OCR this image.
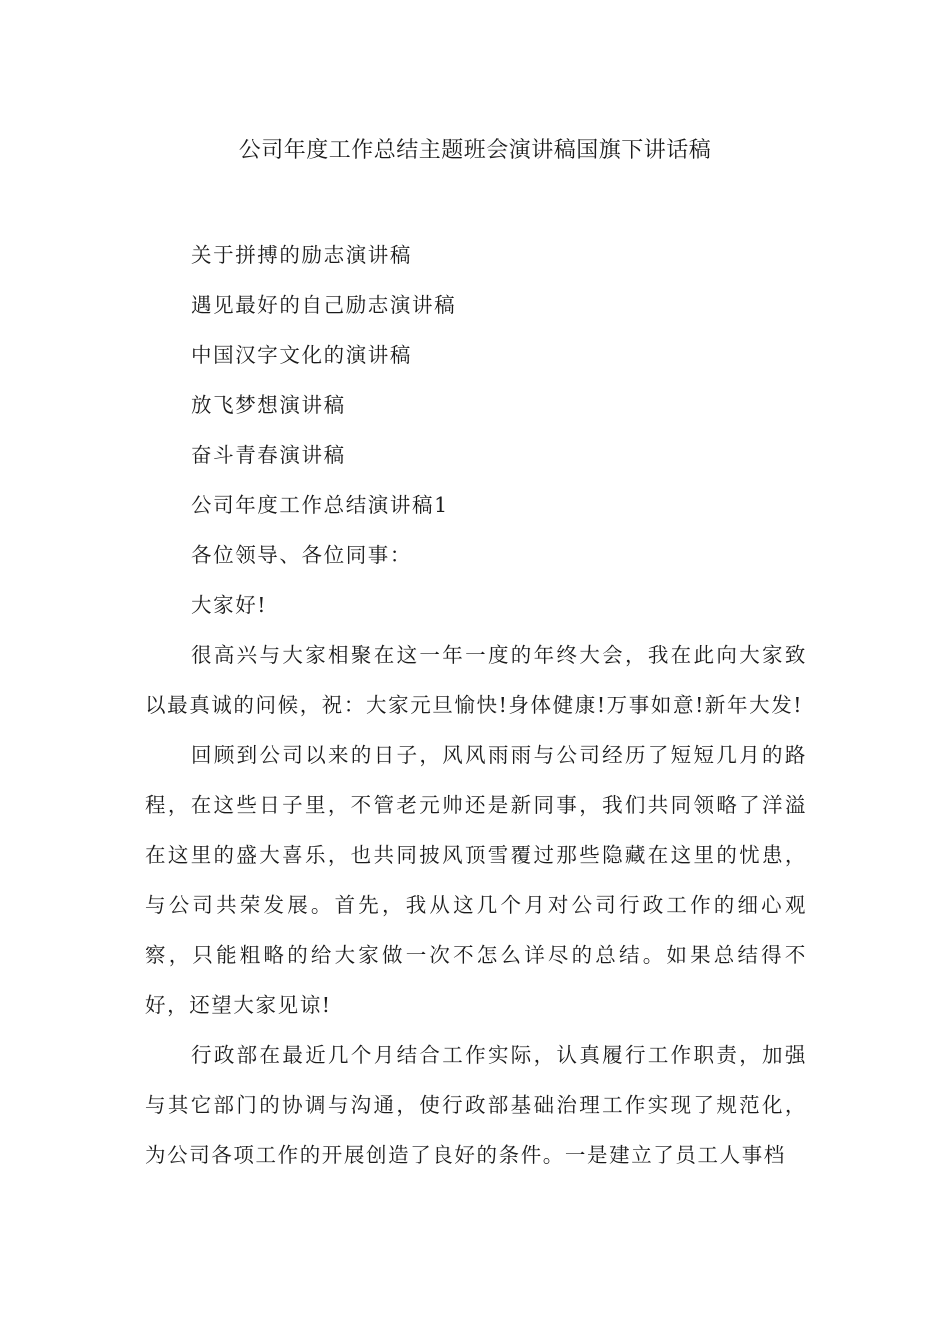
公司年度工作总结主题班会演讲稿国旗下讲话稿

关于拼搏的励志演讲稿

遇见最好的自己励志演讲稿

中国汉字文化的演讲稿

放飞梦想演讲稿

奋斗青春演讲稿

公司年度工作总结演讲稿1

各位领导、各位同事：

大家好!

很高兴与大家相聚在这一年一度的年终大会，我在此向大家致以最真诚的问候，祝：大家元旦愉快!身体健康!万事如意!新年大发!

回顾到公司以来的日子，风风雨雨与公司经历了短短几月的路程，在这些日子里，不管老元帅还是新同事，我们共同领略了洋溢在这里的盛大喜乐，也共同披风顶雪覆过那些隐藏在这里的忧患，与公司共荣发展。首先，我从这几个月对公司行政工作的细心观察，只能粗略的给大家做一次不怎么详尽的总结。如果总结得不好，还望大家见谅!

行政部在最近几个月结合工作实际，认真履行工作职责，加强与其它部门的协调与沟通，使行政部基础治理工作实现了规范化，为公司各项工作的开展创造了良好的条件。一是建立了员工人事档
